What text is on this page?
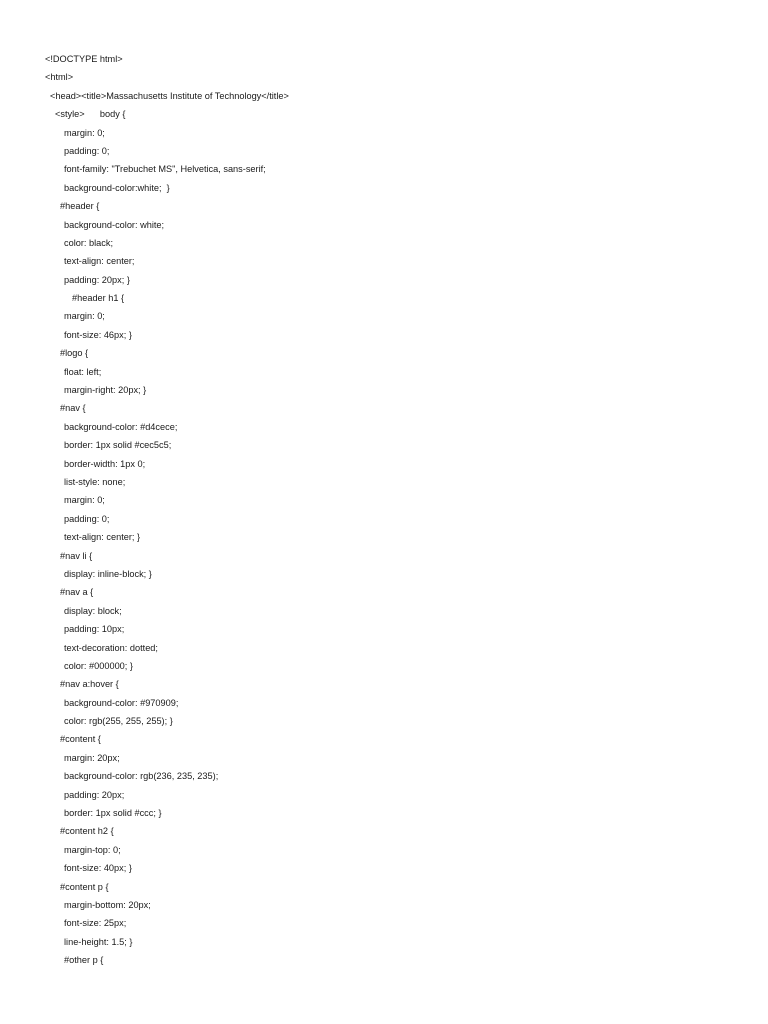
<!DOCTYPE html>
<html>
<head><title>Massachusetts Institute of Technology</title>
<style>      body {
margin: 0;
padding: 0;
font-family: "Trebuchet MS", Helvetica, sans-serif;
background-color:white;  }
#header {
background-color: white;
color: black;
text-align: center;
padding: 20px; }
#header h1 {
margin: 0;
font-size: 46px; }
#logo {
float: left;
margin-right: 20px; }
#nav {
background-color: #d4cece;
border: 1px solid #cec5c5;
border-width: 1px 0;
list-style: none;
margin: 0;
padding: 0;
text-align: center; }
#nav li {
display: inline-block; }
#nav a {
display: block;
padding: 10px;
text-decoration: dotted;
color: #000000; }
#nav a:hover {
background-color: #970909;
color: rgb(255, 255, 255); }
#content {
margin: 20px;
background-color: rgb(236, 235, 235);
padding: 20px;
border: 1px solid #ccc; }
#content h2 {
margin-top: 0;
font-size: 40px; }
#content p {
margin-bottom: 20px;
font-size: 25px;
line-height: 1.5; }
#other p {
